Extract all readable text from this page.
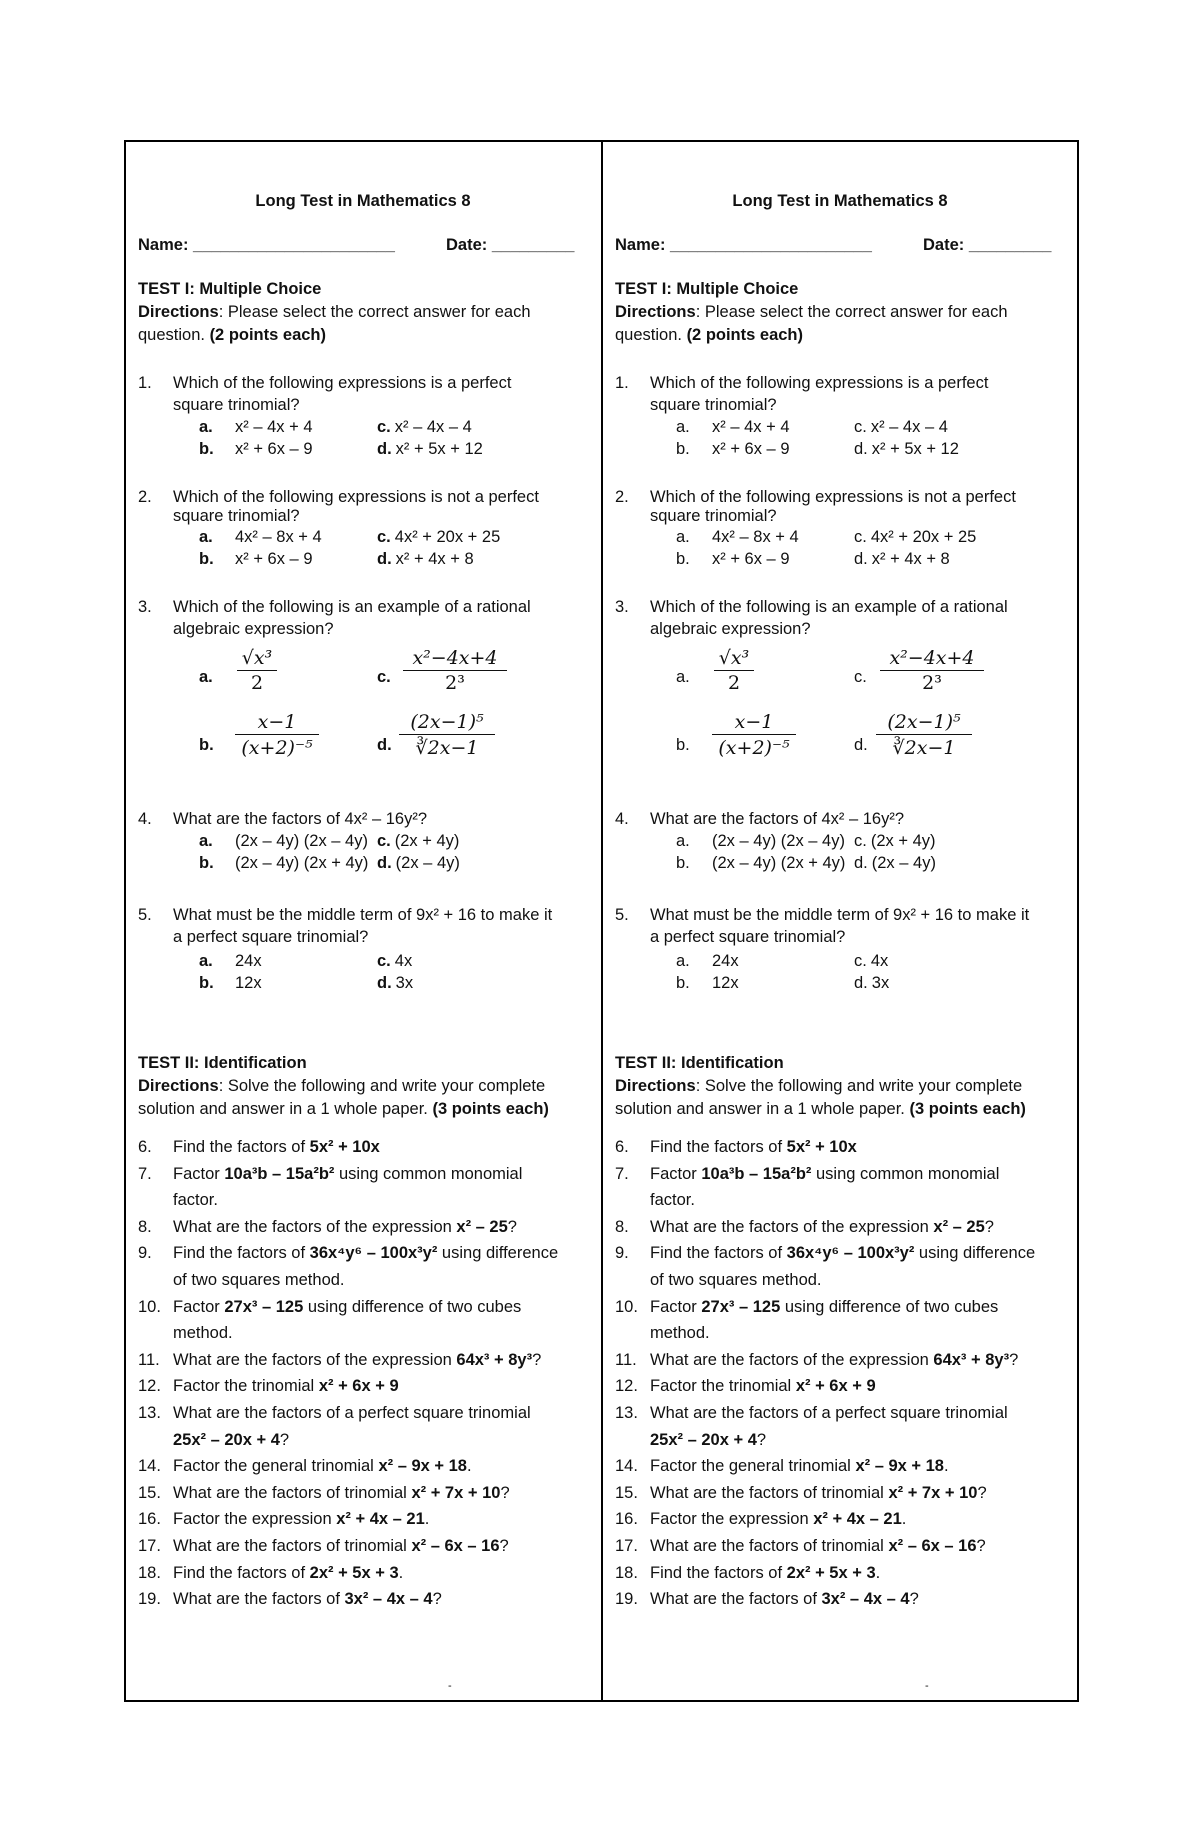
Long Test in Mathematics 8
Name: ______________________	Date: _________
TEST I: Multiple Choice
Directions: Please select the correct answer for each question. (2 points each)
1. Which of the following expressions is a perfect
square trinomial?
a. x² – 4x + 4
b. x² + 6x – 9
c. x² – 4x – 4
d. x² + 5x + 12
2. Which of the following expressions is not a perfect
square trinomial?
a. 4x² – 8x + 4
b. x² + 6x – 9
c. 4x² + 20x + 25
d. x² + 4x + 8
3. Which of the following is an example of a rational
algebraic expression?
a.	$\frac{\text{√x³}}{2}$
b.	$\frac{x-1}{\text{(x+2)⁻⁵}}$
c. $\frac{\text{x²−4x+4}}{\text{2³}}$
d. $\frac{\text{(2x−1)⁵}}{∛2x-1}$
4. What are the factors of 4x² – 16y²?
a. (2x – 4y) (2x – 4y)
b. (2x – 4y) (2x + 4y)
c. (2x + 4y)
d. (2x – 4y)
5. What must be the middle term of 9x² + 16 to make it
a perfect square trinomial?
a. 24x
b. 12x
c. 4x
d. 3x
TEST II: Identification
Directions: Solve the following and write your complete solution and answer in a 1 whole paper. (3 points each)
6. Find the factors of 5x² + 10x
7. Factor 10a³b – 15a²b² using common monomial
factor.
8. What are the factors of the expression x² – 25?
9. Find the factors of 36x⁴y⁶ – 100x³y² using difference
of two squares method.
10. Factor 27x³ – 125 using difference of two cubes
method.
11. What are the factors of the expression 64x³ + 8y³?
12. Factor the trinomial x² + 6x + 9
13. What are the factors of a perfect square trinomial
25x² – 20x + 4?
14. Factor the general trinomial x² – 9x + 18.
15. What are the factors of trinomial x² + 7x + 10?
16. Factor the expression x² + 4x – 21.
17. What are the factors of trinomial x² – 6x – 16?
18. Find the factors of 2x² + 5x + 3.
19. What are the factors of 3x² – 4x – 4?
-
Long Test in Mathematics 8
Name: ______________________	Date: _________
TEST I: Multiple Choice
Directions: Please select the correct answer for each question. (2 points each)
1. Which of the following expressions is a perfect
square trinomial?
a. x² – 4x + 4
b. x² + 6x – 9
c. x² – 4x – 4
d. x² + 5x + 12
2. Which of the following expressions is not a perfect
square trinomial?
a. 4x² – 8x + 4
b. x² + 6x – 9
c. 4x² + 20x + 25
d. x² + 4x + 8
3. Which of the following is an example of a rational
algebraic expression?
a.	$\frac{\text{√x³}}{2}$
b.	$\frac{x-1}{\text{(x+2)⁻⁵}}$
c. $\frac{\text{x²−4x+4}}{\text{2³}}$
d. $\frac{\text{(2x−1)⁵}}{∛2x-1}$
4. What are the factors of 4x² – 16y²?
a. (2x – 4y) (2x – 4y)
b. (2x – 4y) (2x + 4y)
c. (2x + 4y)
d. (2x – 4y)
5. What must be the middle term of 9x² + 16 to make it
a perfect square trinomial?
a. 24x
b. 12x
c. 4x
d. 3x
TEST II: Identification
Directions: Solve the following and write your complete solution and answer in a 1 whole paper. (3 points each)
6. Find the factors of 5x² + 10x
7. Factor 10a³b – 15a²b² using common monomial
factor.
8. What are the factors of the expression x² – 25?
9. Find the factors of 36x⁴y⁶ – 100x³y² using difference
of two squares method.
10. Factor 27x³ – 125 using difference of two cubes
method.
11. What are the factors of the expression 64x³ + 8y³?
12. Factor the trinomial x² + 6x + 9
13. What are the factors of a perfect square trinomial
25x² – 20x + 4?
14. Factor the general trinomial x² – 9x + 18.
15. What are the factors of trinomial x² + 7x + 10?
16. Factor the expression x² + 4x – 21.
17. What are the factors of trinomial x² – 6x – 16?
18. Find the factors of 2x² + 5x + 3.
19. What are the factors of 3x² – 4x – 4?
-
